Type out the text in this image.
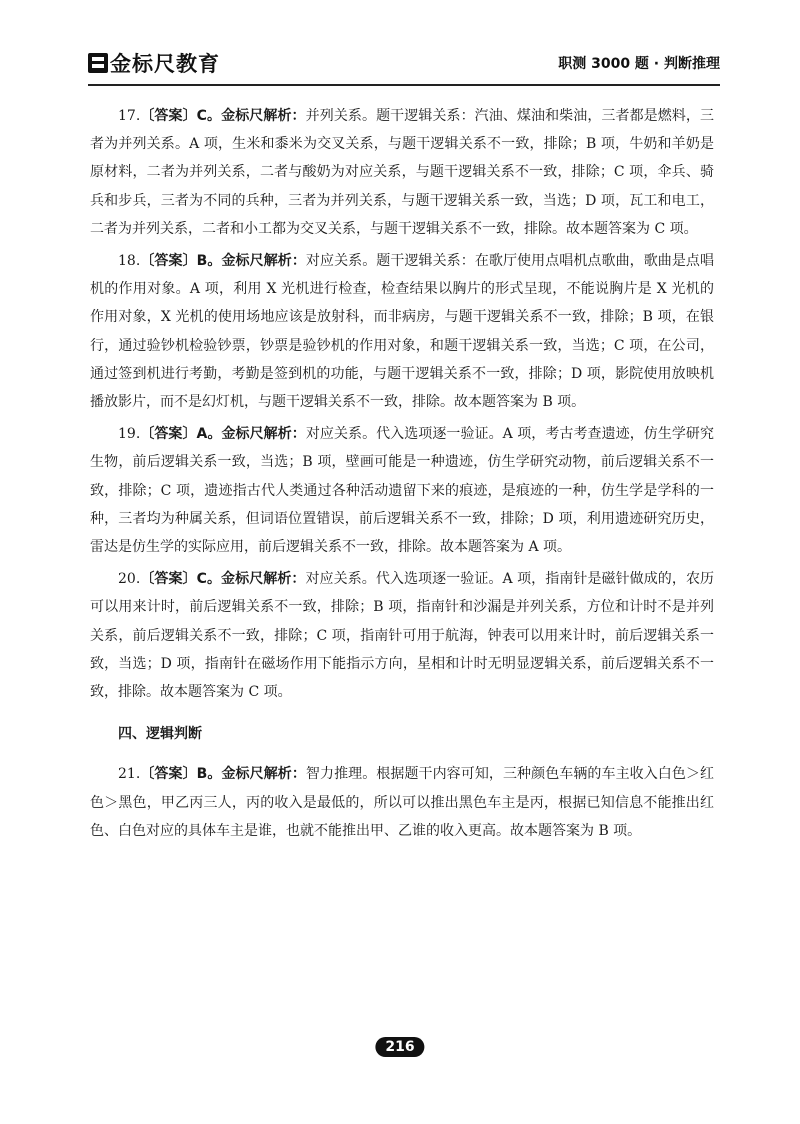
金标尺教育	职测 3000 题 · 判断推理

17.〔答案〕C。金标尺解析：并列关系。题干逻辑关系：汽油、煤油和柴油，三者都是燃料，三者为并列关系。A 项，生米和黍米为交叉关系，与题干逻辑关系不一致，排除；B 项，牛奶和羊奶是原材料，二者为并列关系，二者与酸奶为对应关系，与题干逻辑关系不一致，排除；C 项，伞兵、骑兵和步兵，三者为不同的兵种，三者为并列关系，与题干逻辑关系一致，当选；D 项，瓦工和电工，二者为并列关系，二者和小工都为交叉关系，与题干逻辑关系不一致，排除。故本题答案为 C 项。

18.〔答案〕B。金标尺解析：对应关系。题干逻辑关系：在歌厅使用点唱机点歌曲，歌曲是点唱机的作用对象。A 项，利用 X 光机进行检查，检查结果以胸片的形式呈现，不能说胸片是 X 光机的作用对象，X 光机的使用场地应该是放射科，而非病房，与题干逻辑关系不一致，排除；B 项，在银行，通过验钞机检验钞票，钞票是验钞机的作用对象，和题干逻辑关系一致，当选；C 项，在公司，通过签到机进行考勤，考勤是签到机的功能，与题干逻辑关系不一致，排除；D 项，影院使用放映机播放影片，而不是幻灯机，与题干逻辑关系不一致，排除。故本题答案为 B 项。

19.〔答案〕A。金标尺解析：对应关系。代入选项逐一验证。A 项，考古考查遗迹，仿生学研究生物，前后逻辑关系一致，当选；B 项，壁画可能是一种遗迹，仿生学研究动物，前后逻辑关系不一致，排除；C 项，遗迹指古代人类通过各种活动遗留下来的痕迹，是痕迹的一种，仿生学是学科的一种，三者均为种属关系，但词语位置错误，前后逻辑关系不一致，排除；D 项，利用遗迹研究历史，雷达是仿生学的实际应用，前后逻辑关系不一致，排除。故本题答案为 A 项。

20.〔答案〕C。金标尺解析：对应关系。代入选项逐一验证。A 项，指南针是磁针做成的，农历可以用来计时，前后逻辑关系不一致，排除；B 项，指南针和沙漏是并列关系，方位和计时不是并列关系，前后逻辑关系不一致，排除；C 项，指南针可用于航海，钟表可以用来计时，前后逻辑关系一致，当选；D 项，指南针在磁场作用下能指示方向，星相和计时无明显逻辑关系，前后逻辑关系不一致，排除。故本题答案为 C 项。

四、逻辑判断

21.〔答案〕B。金标尺解析：智力推理。根据题干内容可知，三种颜色车辆的车主收入白色＞红色＞黑色，甲乙丙三人，丙的收入是最低的，所以可以推出黑色车主是丙，根据已知信息不能推出红色、白色对应的具体车主是谁，也就不能推出甲、乙谁的收入更高。故本题答案为 B 项。

216
